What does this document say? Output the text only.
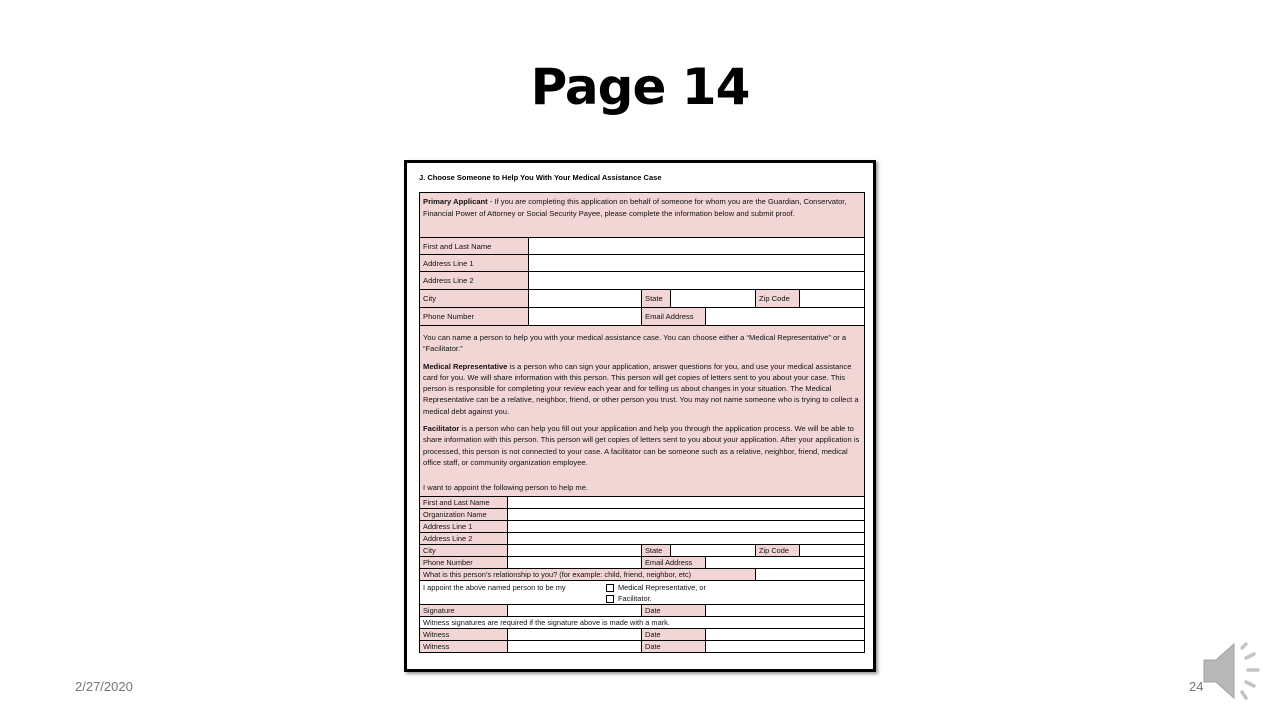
Page 14
J. Choose Someone to Help You With Your Medical Assistance Case
Primary Applicant - If you are completing this application on behalf of someone for whom you are the Guardian, Conservator, Financial Power of Attorney or Social Security Payee, please complete the information below and submit proof.
First and Last Name
Address Line 1
Address Line 2
City	State	Zip Code
Phone Number	Email Address

You can name a person to help you with your medical assistance case. You can choose either a “Medical Representative” or a “Facilitator.”

Medical Representative is a person who can sign your application, answer questions for you, and use your medical assistance card for you. We will share information with this person. This person will get copies of letters sent to you about your case. This person is responsible for completing your review each year and for telling us about changes in your situation. The Medical Representative can be a relative, neighbor, friend, or other person you trust. You may not name someone who is trying to collect a medical debt against you.

Facilitator is a person who can help you fill out your application and help you through the application process. We will be able to share information with this person. This person will get copies of letters sent to you about your application. After your application is processed, this person is not connected to your case. A facilitator can be someone such as a relative, neighbor, friend, medical office staff, or community organization employee.

I want to appoint the following person to help me.
First and Last Name
Organization Name
Address Line 1
Address Line 2
City	State	Zip Code
Phone Number	Email Address
What is this person’s relationship to you? (for example: child, friend, neighbor, etc)
I appoint the above named person to be my	Medical Representative, or
Facilitator.
Signature	Date
Witness signatures are required if the signature above is made with a mark.
Witness	Date
Witness	Date
2/27/2020	24
